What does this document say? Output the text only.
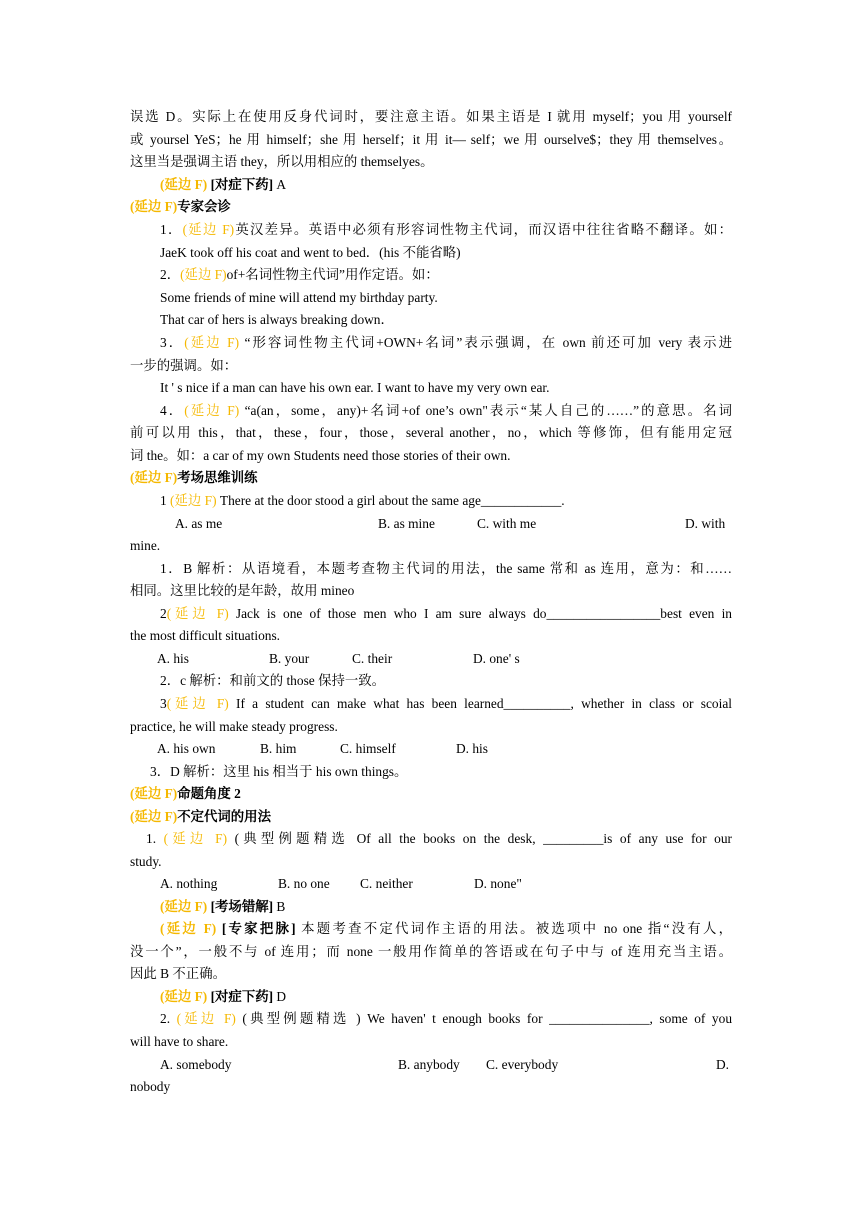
误选 D。实际上在使用反身代词时，要注意主语。如果主语是 I 就用 myself；you 用 yourself
或 yoursel YeS；he 用 himself；she 用 herself；it 用 it— self；we 用 ourselve$；they 用 themselves。
这里当是强调主语 they，所以用相应的 themselyes。
(延边 F) [对症下药] A
(延边 F)专家会诊
1．(延边 F)英汉差异。英语中必须有形容词性物主代词，而汉语中往往省略不翻译。如：
JaeK took off his coat and went to bed．(his 不能省略)
2．(延边 F)of+名词性物主代词”用作定语。如：
Some friends of mine will attend my birthday party.
That car of hers is always breaking down．
3．(延边 F) “形容词性物主代词+OWN+名词”表示强调，在 own 前还可加 very 表示进
一步的强调。如：
It ' s nice if a man can have his own ear. I want to have my very own ear.
4．(延边 F) “a(an，some，any)+名词+of one’s own"表示“某人自己的……”的意思。名词
前可以用 this，that，these，four，those，several another，no，which 等修饰，但有能用定冠
词 the。如：a car of my own Students need those stories of their own.
(延边 F)考场思维训练
1 (延边 F) There at the door stood a girl about the same age____________.
A. as me	B. as mine	C. with me	D. with
mine.
1．B 解析：从语境看，本题考查物主代词的用法，the same 常和 as 连用，意为：和……
相同。这里比较的是年龄，故用 mineo
2(延边 F) Jack is one of those men who I am sure always do_________________best even in
the most difficult situations.
A. his	B. your	C. their	D. one' s
2．c 解析：和前文的 those 保持一致。
3(延边 F) If a student can make what has been learned__________, whether in class or scoial
practice, he will make steady progress.
A. his own	B. him	C. himself	D. his
3．D 解析：这里 his 相当于 his own things。
(延边 F)命题角度 2
(延边 F)不定代词的用法
1. (延边 F) (典型例题精选 Of all the books on the desk, _________is of any use for our
study.
A. nothing	B. no one C. neither	D. none"
(延边 F) [考场错解] B
(延边 F) [专家把脉] 本题考查不定代词作主语的用法。被选项中 no one 指“没有人，
没一个”，一般不与 of 连用；而 none 一般用作简单的答语或在句子中与 of 连用充当主语。
因此 B 不正确。
(延边 F) [对症下药] D
2. (延边 F) (典型例题精选 ) We haven' t enough books for _______________, some of you
will have to share.
A. somebody	B. anybody C. everybody	D.
nobody
